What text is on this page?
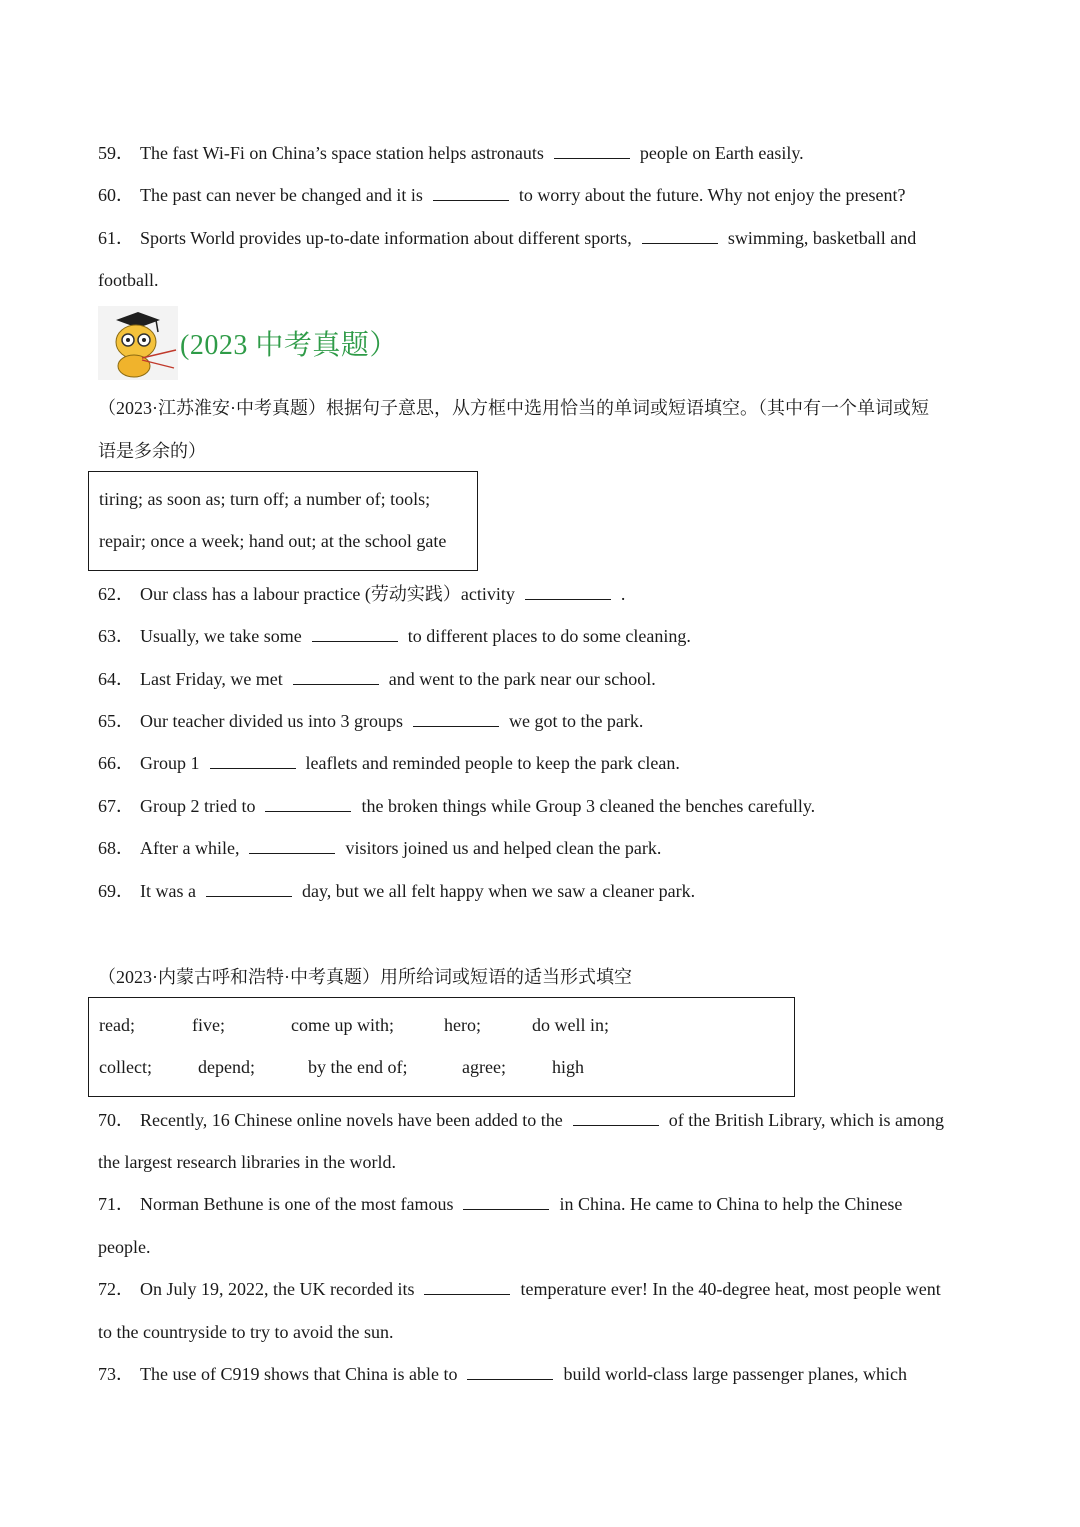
59． The fast Wi-Fi on China’s space station helps astronauts	people on Earth easily.
60． The past can never be changed and it is	to worry about the future. Why not enjoy the present?
61． Sports World provides up-to-date information about different sports,	swimming, basketball and
football.
(2023 中考真题）
（2023·江苏淮安·中考真题）根据句子意思，从方框中选用恰当的单词或短语填空。（其中有一个单词或短
语是多余的）
tiring; as soon as; turn off; a number of; tools;
repair; once a week; hand out; at the school gate
62． Our class has a labour practice (劳动实践）activity	.
63． Usually, we take some	to different places to do some cleaning.
64． Last Friday, we met	and went to the park near our school.
65． Our teacher divided us into 3 groups	we got to the park.
66． Group 1	leaflets and reminded people to keep the park clean.
67． Group 2 tried to	the broken things while Group 3 cleaned the benches carefully.
68． After a while,	visitors joined us and helped clean the park.
69． It was a	day, but we all felt happy when we saw a cleaner park.
（2023·内蒙古呼和浩特·中考真题）用所给词或短语的适当形式填空
read;	five;	come up with;	hero;	do well in;
collect;	depend;	by the end of;	agree;	high
70． Recently, 16 Chinese online novels have been added to the	of the British Library, which is among
the largest research libraries in the world.
71． Norman Bethune is one of the most famous	in China. He came to China to help the Chinese
people.
72． On July 19, 2022, the UK recorded its	temperature ever! In the 40-degree heat, most people went
to the countryside to try to avoid the sun.
73． The use of C919 shows that China is able to	build world-class large passenger planes, which
